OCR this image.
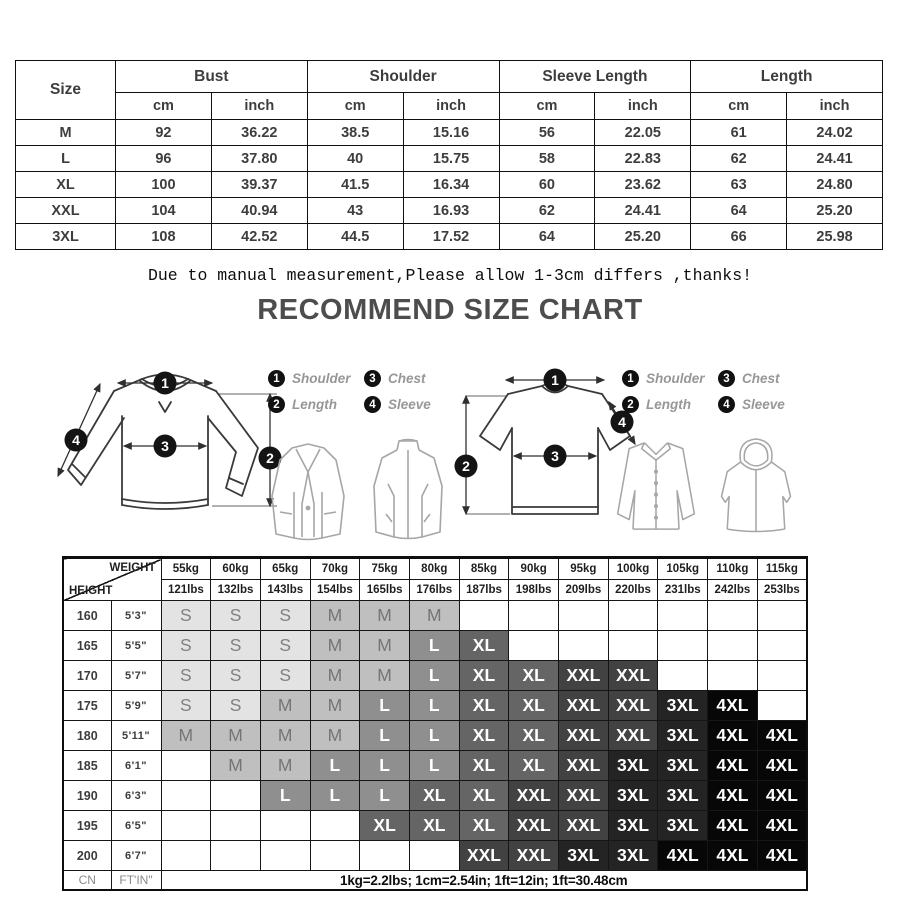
Size	Bust		Shoulder		Sleeve Length		Length	
	cm	inch	cm	inch	cm	inch	cm	inch
M	92	36.22	38.5	15.16	56	22.05	61	24.02
L	96	37.80	40	15.75	58	22.83	62	24.41
XL	100	39.37	41.5	16.34	60	23.62	63	24.80
XXL	104	40.94	43	16.93	62	24.41	64	25.20
3XL	108	42.52	44.5	17.52	64	25.20	66	25.98
Due to manual measurement,Please allow 1-3cm differs ,thanks!
RECOMMEND SIZE CHART
1
3
2
4
1 Shoulder	3 Chest
2 Length	4 Sleeve
1
4
3
2
1 Shoulder	3 Chest
2 Length	4 Sleeve
WEIGHT
HEIGHT		55kg	60kg	65kg	70kg	75kg	80kg	85kg	90kg	95kg	100kg	105kg	110kg	115kg
		121lbs	132lbs	143lbs	154lbs	165lbs	176lbs	187lbs	198lbs	209lbs	220lbs	231lbs	242lbs	253lbs
160	5'3"	S	S	S	M	M	M							
165	5'5"	S	S	S	M	M	L	XL						
170	5'7"	S	S	S	M	M	L	XL	XL	XXL	XXL			
175	5'9"	S	S	M	M	L	L	XL	XL	XXL	XXL	3XL	4XL	
180	5'11"	M	M	M	M	L	L	XL	XL	XXL	XXL	3XL	4XL	4XL
185	6'1"		M	M	L	L	L	XL	XL	XXL	3XL	3XL	4XL	4XL
190	6'3"			L	L	L	XL	XL	XXL	XXL	3XL	3XL	4XL	4XL
195	6'5"					XL	XL	XL	XXL	XXL	3XL	3XL	4XL	4XL
200	6'7"							XXL	XXL	3XL	3XL	4XL	4XL	4XL
CN	FT'IN"	1kg=2.2lbs; 1cm=2.54in; 1ft=12in; 1ft=30.48cm												
